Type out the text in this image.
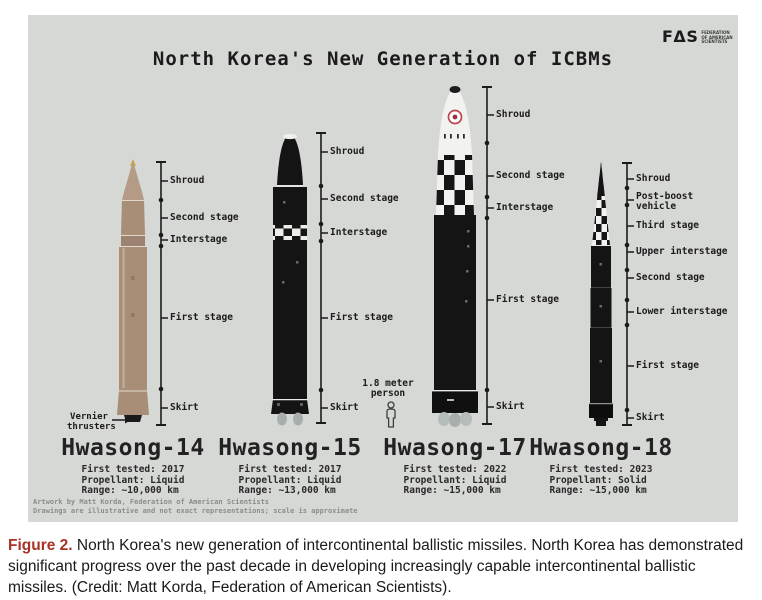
North Korea's New Generation of ICBMs
FΔS FEDERATION
OF AMERICAN
SCIENTISTS
Shroud
Second stage
Interstage
First stage
Skirt
Hwasong-14
First tested: 2017
Propellant: Liquid
Range: ~10,000 km
Vernier thrusters
Shroud
Second stage
Interstage
First stage
Skirt
Hwasong-15
First tested: 2017
Propellant: Liquid
Range: ~13,000 km
1.8 meter person
Shroud
Second stage
Interstage
First stage
Skirt
Hwasong-17
First tested: 2022
Propellant: Liquid
Range: ~15,000 km
Shroud
Post-boost vehicle
Third stage
Upper interstage
Second stage
Lower interstage
First stage
Skirt
Hwasong-18
First tested: 2023
Propellant: Solid
Range: ~15,000 km
Artwork by Matt Korda, Federation of American Scientists
Drawings are illustrative and not exact representations; scale is approximate
Figure 2. North Korea's new generation of intercontinental ballistic missiles. North Korea has demonstrated significant progress over the past decade in developing increasingly capable intercontinental ballistic missiles. (Credit: Matt Korda, Federation of American Scientists).
